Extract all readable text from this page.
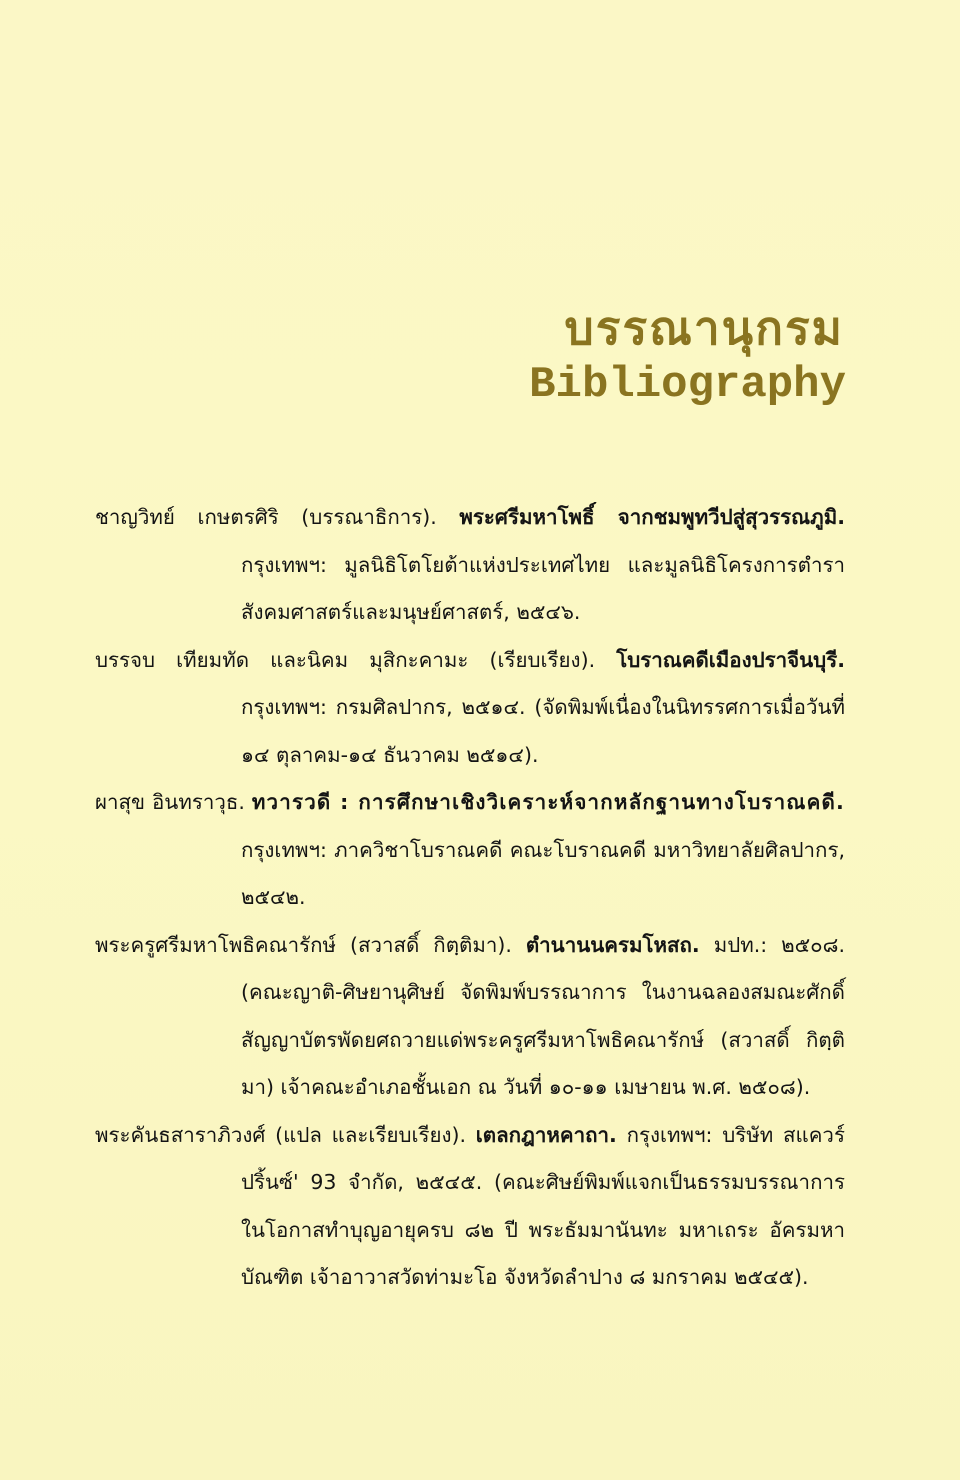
บรรณานุกรม
Bibliography

ชาญวิทย์ เกษตรศิริ (บรรณาธิการ). พระศรีมหาโพธิ์ จากชมพูทวีปสู่สุวรรณภูมิ. กรุงเทพฯ: มูลนิธิโตโยต้าแห่งประเทศไทย และมูลนิธิโครงการตำราสังคมศาสตร์และมนุษย์ศาสตร์, ๒๕๔๖.

บรรจบ เทียมทัด และนิคม มุสิกะคามะ (เรียบเรียง). โบราณคดีเมืองปราจีนบุรี. กรุงเทพฯ: กรมศิลปากร, ๒๕๑๔. (จัดพิมพ์เนื่องในนิทรรศการเมื่อวันที่ ๑๔ ตุลาคม-๑๔ ธันวาคม ๒๕๑๔).

ผาสุข อินทราวุธ. ทวารวดี : การศึกษาเชิงวิเคราะห์จากหลักฐานทางโบราณคดี. กรุงเทพฯ: ภาควิชาโบราณคดี คณะโบราณคดี มหาวิทยาลัยศิลปากร, ๒๕๔๒.

พระครูศรีมหาโพธิคณารักษ์ (สวาสดิ์ กิตฺติมา). ตำนานนครมโหสถ. มปท.: ๒๕๐๘. (คณะญาติ-ศิษยานุศิษย์ จัดพิมพ์บรรณาการ ในงานฉลองสมณะศักดิ์สัญญาบัตรพัดยศถวายแด่พระครูศรีมหาโพธิคณารักษ์ (สวาสดิ์ กิตฺติมา) เจ้าคณะอำเภอชั้นเอก ณ วันที่ ๑๐-๑๑ เมษายน พ.ศ. ๒๕๐๘).

พระคันธสาราภิวงศ์ (แปล และเรียบเรียง). เตลกฎาหคาถา. กรุงเทพฯ: บริษัท สแควร์ปริ้นซ์' 93 จำกัด, ๒๕๔๕. (คณะศิษย์พิมพ์แจกเป็นธรรมบรรณาการในโอกาสทำบุญอายุครบ ๘๒ ปี พระธัมมานันทะ มหาเถระ อัครมหาบัณฑิต เจ้าอาวาสวัดท่ามะโอ จังหวัดลำปาง ๘ มกราคม ๒๕๔๕).
